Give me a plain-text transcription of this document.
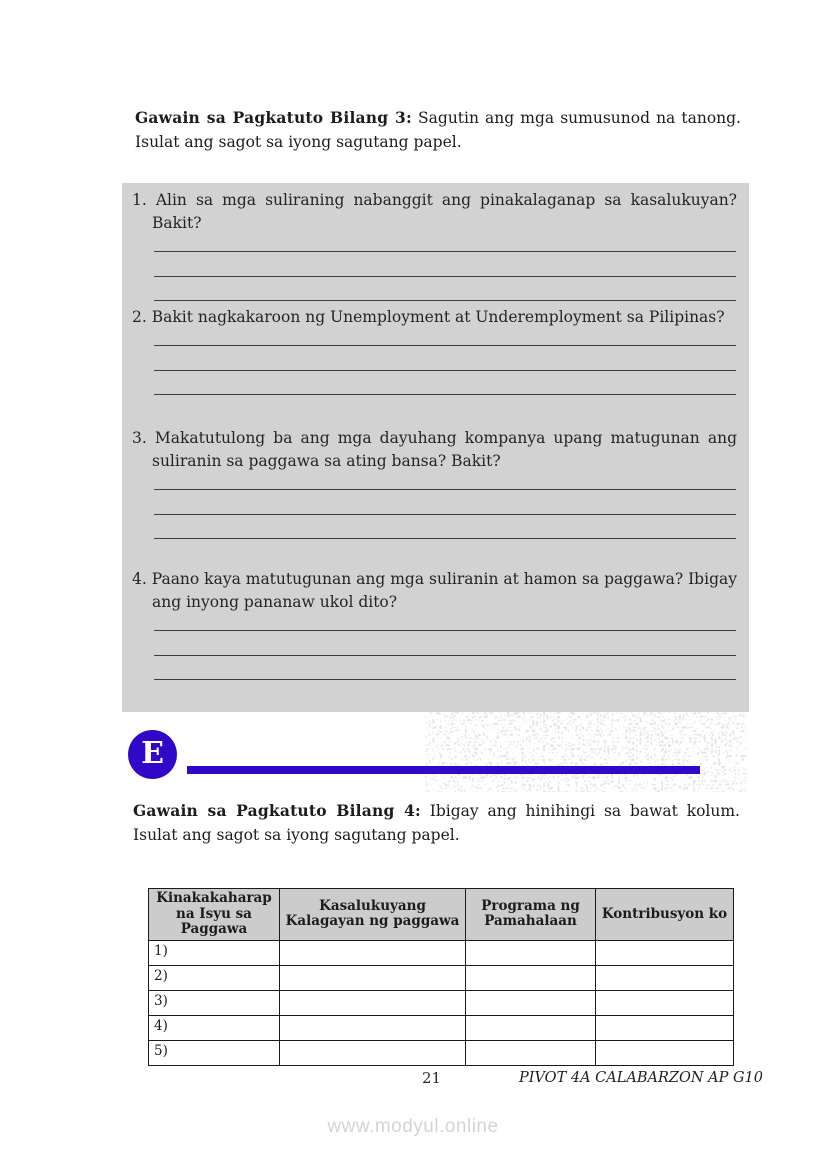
Gawain sa Pagkatuto Bilang 3: Sagutin ang mga sumusunod na tanong. Isulat ang sagot sa iyong sagutang papel.
1. Alin sa mga suliraning nabanggit ang pinakalaganap sa kasalukuyan? Bakit?
2. Bakit nagkakaroon ng Unemployment at Underemployment sa Pilipinas?
3. Makatutulong ba ang mga dayuhang kompanya upang matugunan ang suliranin sa paggawa sa ating bansa? Bakit?
4. Paano kaya matutugunan ang mga suliranin at hamon sa paggawa? Ibigay ang inyong pananaw ukol dito?
E
Gawain sa Pagkatuto Bilang 4: Ibigay ang hinihingi sa bawat kolum. Isulat ang sagot sa iyong sagutang papel.
Kinakakaharap na Isyu sa Paggawa	Kasalukuyang Kalagayan ng paggawa	Programa ng Pamahalaan	Kontribusyon ko
1)			
2)			
3)			
4)			
5)			
21	PIVOT 4A CALABARZON AP G10
www.modyul.online
